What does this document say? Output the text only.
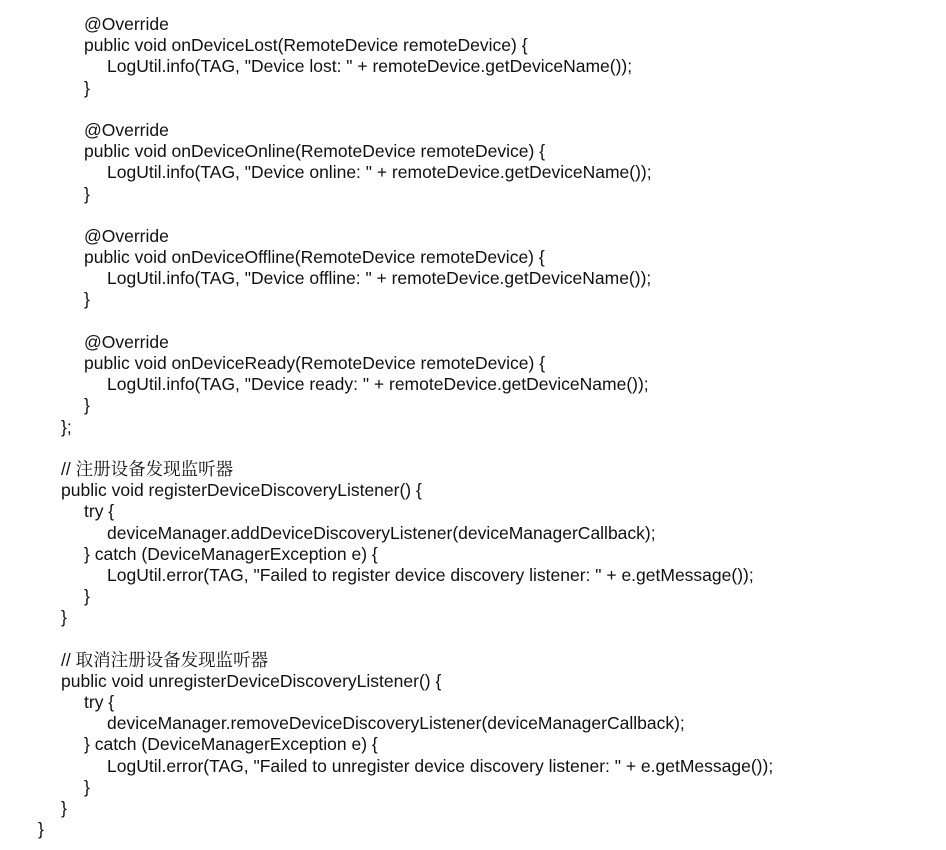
@Override
public void onDeviceLost(RemoteDevice remoteDevice) {
LogUtil.info(TAG, "Device lost: " + remoteDevice.getDeviceName());
}
@Override
public void onDeviceOnline(RemoteDevice remoteDevice) {
LogUtil.info(TAG, "Device online: " + remoteDevice.getDeviceName());
}
@Override
public void onDeviceOffline(RemoteDevice remoteDevice) {
LogUtil.info(TAG, "Device offline: " + remoteDevice.getDeviceName());
}
@Override
public void onDeviceReady(RemoteDevice remoteDevice) {
LogUtil.info(TAG, "Device ready: " + remoteDevice.getDeviceName());
}
};
// 注册设备发现监听器
public void registerDeviceDiscoveryListener() {
try {
deviceManager.addDeviceDiscoveryListener(deviceManagerCallback);
} catch (DeviceManagerException e) {
LogUtil.error(TAG, "Failed to register device discovery listener: " + e.getMessage());
}
}
// 取消注册设备发现监听器
public void unregisterDeviceDiscoveryListener() {
try {
deviceManager.removeDeviceDiscoveryListener(deviceManagerCallback);
} catch (DeviceManagerException e) {
LogUtil.error(TAG, "Failed to unregister device discovery listener: " + e.getMessage());
}
}
}
